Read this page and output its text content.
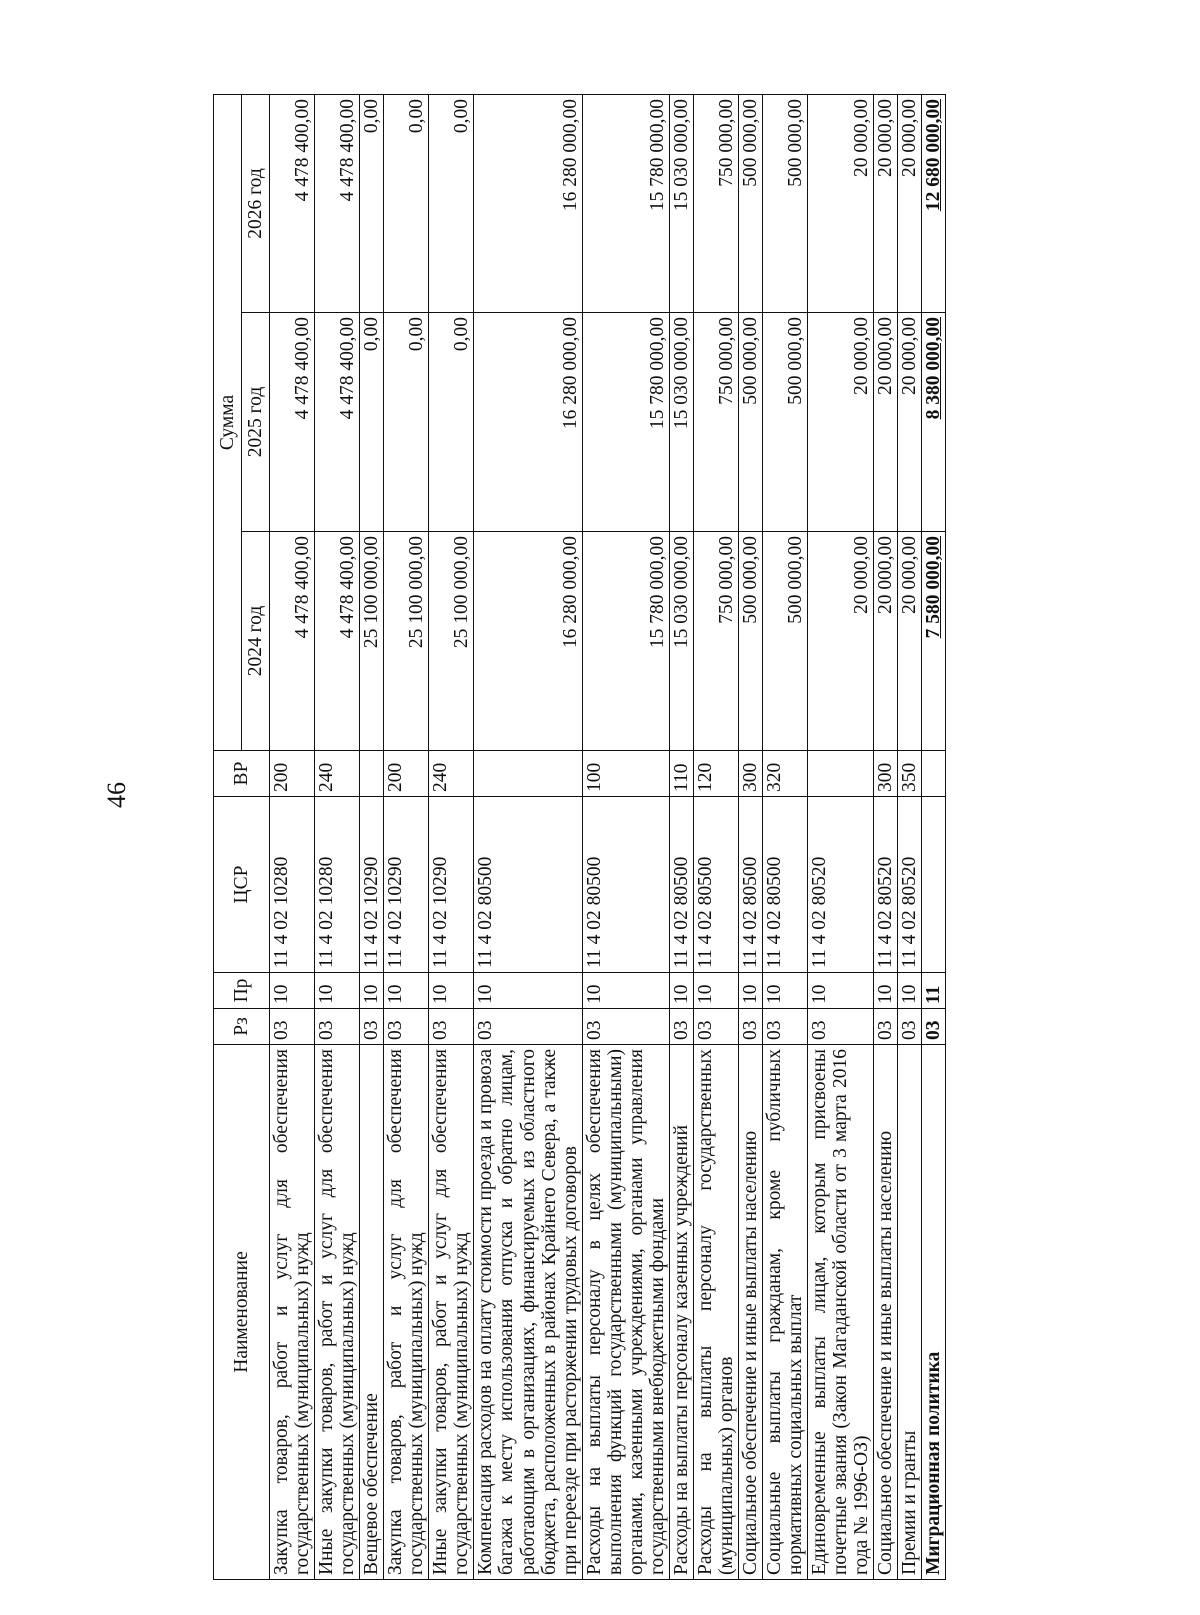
46
Наименование	Рз	Пр	ЦСР	ВР	Сумма		
					2024 год	2025 год	2026 год
Закупка товаров, работ и услуг для обеспечения государственных (муниципальных) нужд	03	10	11 4 02 10280	200	4 478 400,00	4 478 400,00	4 478 400,00
Иные закупки товаров, работ и услуг для обеспечения государственных (муниципальных) нужд	03	10	11 4 02 10280	240	4 478 400,00	4 478 400,00	4 478 400,00
Вещевое обеспечение	03	10	11 4 02 10290		25 100 000,00	0,00	0,00
Закупка товаров, работ и услуг для обеспечения государственных (муниципальных) нужд	03	10	11 4 02 10290	200	25 100 000,00	0,00	0,00
Иные закупки товаров, работ и услуг для обеспечения государственных (муниципальных) нужд	03	10	11 4 02 10290	240	25 100 000,00	0,00	0,00
Компенсация расходов на оплату стоимости проезда и провоза багажа к месту использования отпуска и обратно лицам, работающим в организациях, финансируемых из областного бюджета, расположенных в районах Крайнего Севера, а также при переезде при расторжении трудовых договоров	03	10	11 4 02 80500		16 280 000,00	16 280 000,00	16 280 000,00
Расходы на выплаты персоналу в целях обеспечения выполнения функций государственными (муниципальными) органами, казенными учреждениями, органами управления государственными внебюджетными фондами	03	10	11 4 02 80500	100	15 780 000,00	15 780 000,00	15 780 000,00
Расходы на выплаты персоналу казенных учреждений	03	10	11 4 02 80500	110	15 030 000,00	15 030 000,00	15 030 000,00
Расходы на выплаты персоналу государственных (муниципальных) органов	03	10	11 4 02 80500	120	750 000,00	750 000,00	750 000,00
Социальное обеспечение и иные выплаты населению	03	10	11 4 02 80500	300	500 000,00	500 000,00	500 000,00
Социальные выплаты гражданам, кроме публичных нормативных социальных выплат	03	10	11 4 02 80500	320	500 000,00	500 000,00	500 000,00
Единовременные выплаты лицам, которым присвоены почетные звания (Закон Магаданской области от 3 марта 2016 года № 1996-ОЗ)	03	10	11 4 02 80520		20 000,00	20 000,00	20 000,00
Социальное обеспечение и иные выплаты населению	03	10	11 4 02 80520	300	20 000,00	20 000,00	20 000,00
Премии и гранты	03	10	11 4 02 80520	350	20 000,00	20 000,00	20 000,00
Миграционная политика	03	11			7 580 000,00	8 380 000,00	12 680 000,00
